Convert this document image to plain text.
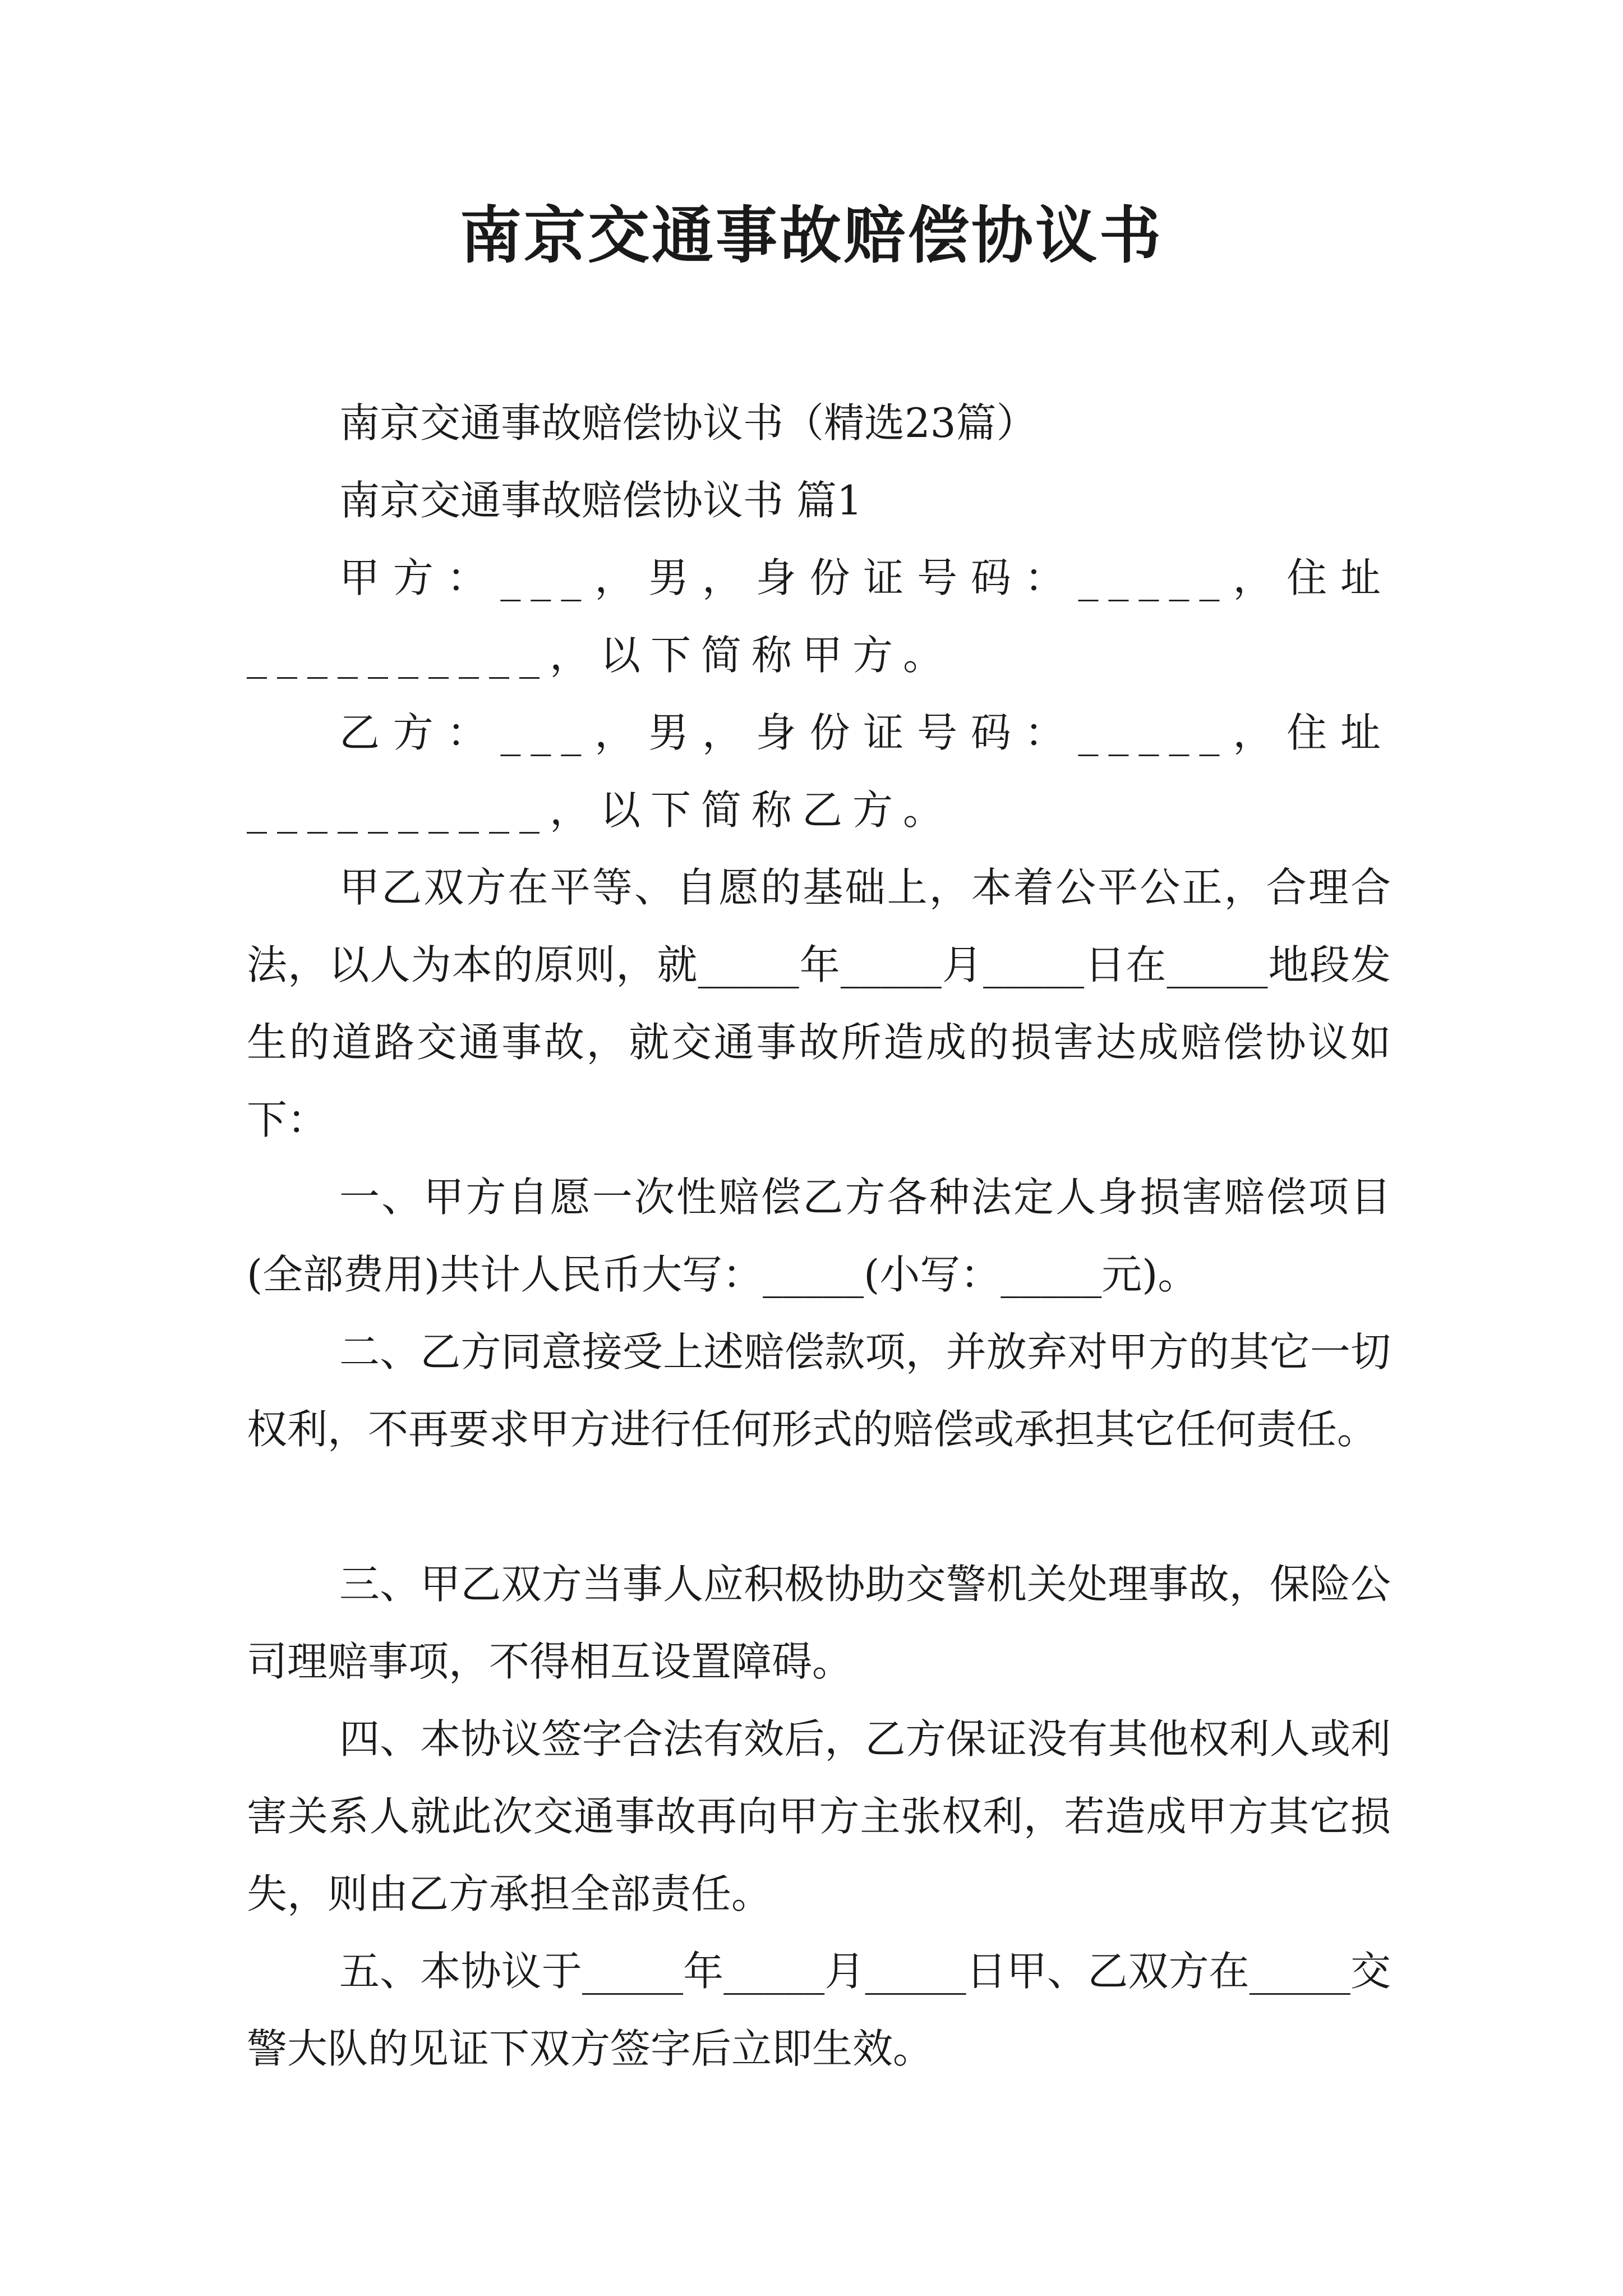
南京交通事故赔偿协议书

南京交通事故赔偿协议书（精选23篇）

南京交通事故赔偿协议书 篇1

甲方：___，男，身份证号码：_____，住址__________，以下简称甲方。

乙方：___，男，身份证号码：_____，住址__________，以下简称乙方。

甲乙双方在平等、自愿的基础上，本着公平公正，合理合法，以人为本的原则，就_____年_____月_____日在_____地段发生的道路交通事故，就交通事故所造成的损害达成赔偿协议如下：

一、甲方自愿一次性赔偿乙方各种法定人身损害赔偿项目(全部费用)共计人民币大写：_____(小写：_____元)。

二、乙方同意接受上述赔偿款项，并放弃对甲方的其它一切权利，不再要求甲方进行任何形式的赔偿或承担其它任何责任。

三、甲乙双方当事人应积极协助交警机关处理事故，保险公司理赔事项，不得相互设置障碍。

四、本协议签字合法有效后，乙方保证没有其他权利人或利害关系人就此次交通事故再向甲方主张权利，若造成甲方其它损失，则由乙方承担全部责任。

五、本协议于_____年_____月_____日甲、乙双方在_____交警大队的见证下双方签字后立即生效。
